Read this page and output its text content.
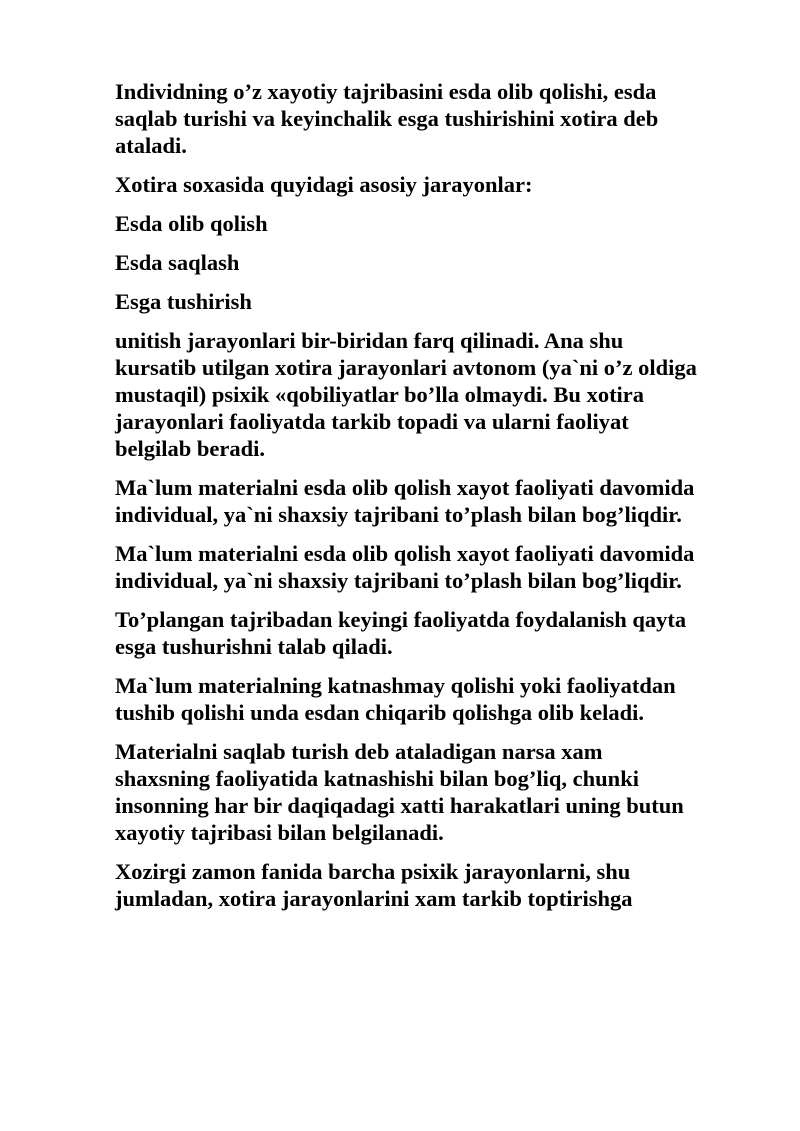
Individning o’z xayotiy tajribasini esda olib qolishi, esda
saqlab turishi va keyinchalik esga tushirishini xotira deb
ataladi.

Xotira soxasida quyidagi asosiy jarayonlar:

Esda olib qolish

Esda saqlash

Esga tushirish

unitish jarayonlari bir-biridan farq qilinadi. Ana shu
kursatib utilgan xotira jarayonlari avtonom (ya`ni o’z oldiga
mustaqil) psixik «qobiliyatlar bo’lla olmaydi. Bu xotira
jarayonlari faoliyatda tarkib topadi va ularni faoliyat
belgilab beradi.

Ma`lum materialni esda olib qolish xayot faoliyati davomida
individual, ya`ni shaxsiy tajribani to’plash bilan bog’liqdir.

Ma`lum materialni esda olib qolish xayot faoliyati davomida
individual, ya`ni shaxsiy tajribani to’plash bilan bog’liqdir.

To’plangan tajribadan keyingi faoliyatda foydalanish qayta
esga tushurishni talab qiladi.

Ma`lum materialning katnashmay qolishi yoki faoliyatdan
tushib qolishi unda esdan chiqarib qolishga olib keladi.

Materialni saqlab turish deb ataladigan narsa xam
shaxsning faoliyatida katnashishi bilan bog’liq, chunki
insonning har bir daqiqadagi xatti harakatlari uning butun
xayotiy tajribasi bilan belgilanadi.

Xozirgi zamon fanida barcha psixik jarayonlarni, shu
jumladan, xotira jarayonlarini xam tarkib toptirishga
